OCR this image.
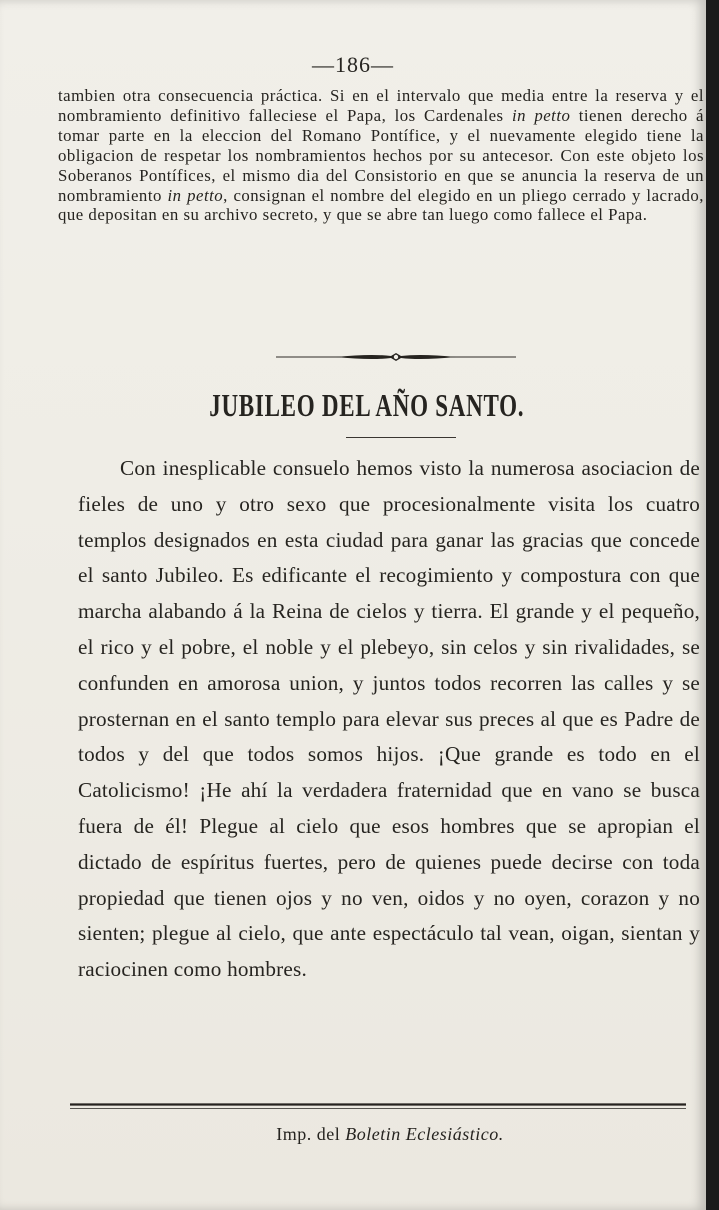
—186—

tambien otra consecuencia práctica. Si en el intervalo que media entre la reserva y el nombramiento definitivo falleciese el Papa, los Cardenales in petto tienen derecho á tomar parte en la eleccion del Romano Pontífice, y el nuevamente elegido tiene la obligacion de respetar los nombramientos hechos por su antecesor. Con este objeto los Soberanos Pontífices, el mismo dia del Consistorio en que se anuncia la reserva de un nombramiento in petto, consignan el nombre del elegido en un pliego cerrado y lacrado, que depositan en su archivo secreto, y que se abre tan luego como fallece el Papa.

JUBILEO DEL AÑO SANTO.

Con inesplicable consuelo hemos visto la numerosa asociacion de fieles de uno y otro sexo que procesionalmente visita los cuatro templos designados en esta ciudad para ganar las gracias que concede el santo Jubileo. Es edificante el recogimiento y compostura con que marcha alabando á la Reina de cielos y tierra. El grande y el pequeño, el rico y el pobre, el noble y el plebeyo, sin celos y sin rivalidades, se confunden en amorosa union, y juntos todos recorren las calles y se prosternan en el santo templo para elevar sus preces al que es Padre de todos y del que todos somos hijos. ¡Que grande es todo en el Catolicismo! ¡He ahí la verdadera fraternidad que en vano se busca fuera de él! Plegue al cielo que esos hombres que se apropian el dictado de espíritus fuertes, pero de quienes puede decirse con toda propiedad que tienen ojos y no ven, oidos y no oyen, corazon y no sienten; plegue al cielo, que ante espectáculo tal vean, oigan, sientan y raciocinen como hombres.

Imp. del Boletin Eclesiástico.
